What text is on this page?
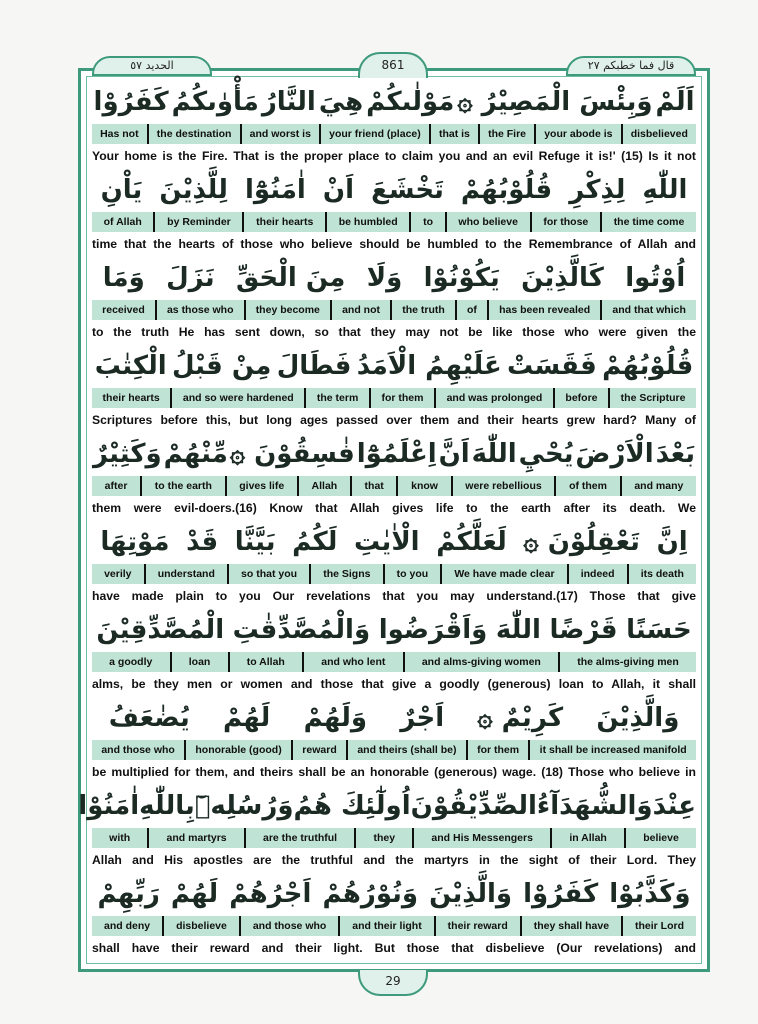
الحديد ٥٧	861	قال فما خطبكم ٢٧
كَفَرُوْا مَأْوٰىكُمُ النَّارُ هِيَ مَوْلٰىكُمْ وَبِئْسَ الْمَصِيْرُ ۞ اَلَمْ
disbelieved
your abode is
the Fire
that is
your friend (place)
and worst is
the destination
Has not
Your home is the Fire. That is the proper place to claim you and an evil Refuge it is!' (15) Is it not
يَاْنِ لِلَّذِيْنَ اٰمَنُوْٓا اَنْ تَخْشَعَ قُلُوْبُهُمْ لِذِكْرِ اللّٰهِ
the time come
for those
who believe
to
be humbled
their hearts
by Reminder
of Allah
time that the hearts of those who believe should be humbled to the Remembrance of Allah and
وَمَا نَزَلَ مِنَ الْحَقِّ وَلَا يَكُوْنُوْا كَالَّذِيْنَ اُوْتُوا
and that which
has been revealed
of
the truth
and not
they become
as those who
received
to the truth He has sent down, so that they may not be like those who were given the
الْكِتٰبَ مِنْ قَبْلُ فَطَالَ عَلَيْهِمُ الْاَمَدُ فَقَسَتْ قُلُوْبُهُمْ
the Scripture
before
and was prolonged
for them
the term
and so were hardened
their hearts
Scriptures before this, but long ages passed over them and their hearts grew hard? Many of
وَكَثِيْرٌ مِّنْهُمْ فٰسِقُوْنَ ۞ اِعْلَمُوْٓا اَنَّ اللّٰهَ يُحْيِ الْاَرْضَ بَعْدَ
and many
of them
were rebellious
know
that
Allah
gives life
to the earth
after
them were evil-doers.(16) Know that Allah gives life to the earth after its death. We
مَوْتِهَا قَدْ بَيَّنَّا لَكُمُ الْاٰيٰتِ لَعَلَّكُمْ تَعْقِلُوْنَ ۞ اِنَّ
its death
indeed
We have made clear
to you
the Signs
so that you
understand
verily
have made plain to you Our revelations that you may understand.(17) Those that give
الْمُصَّدِّقِيْنَ وَالْمُصَّدِّقٰتِ وَاَقْرَضُوا اللّٰهَ قَرْضًا حَسَنًا
the alms-giving men
and alms-giving women
and who lent
to Allah
loan
a goodly
alms, be they men or women and those that give a goodly (generous) loan to Allah, it shall
يُضٰعَفُ لَهُمْ وَلَهُمْ اَجْرٌ كَرِيْمٌ ۞ وَالَّذِيْنَ
it shall be increased manifold
for them
and theirs (shall be)
reward
honorable (good)
and those who
be multiplied for them, and theirs shall be an honorable (generous) wage. (18) Those who believe in
اٰمَنُوْا بِاللّٰهِ وَرُسُلِهٖٓ اُولٰٓئِكَ هُمُ الصِّدِّيْقُوْنَ وَالشُّهَدَآءُ عِنْدَ
believe
in Allah
and His Messengers
they
are the truthful
and martyrs
with
Allah and His apostles are the truthful and the martyrs in the sight of their Lord. They
رَبِّهِمْ لَهُمْ اَجْرُهُمْ وَنُوْرُهُمْ وَالَّذِيْنَ كَفَرُوْا وَكَذَّبُوْا
their Lord
they shall have
their reward
and their light
and those who
disbelieve
and deny
shall have their reward and their light. But those that disbelieve (Our revelations) and
29
